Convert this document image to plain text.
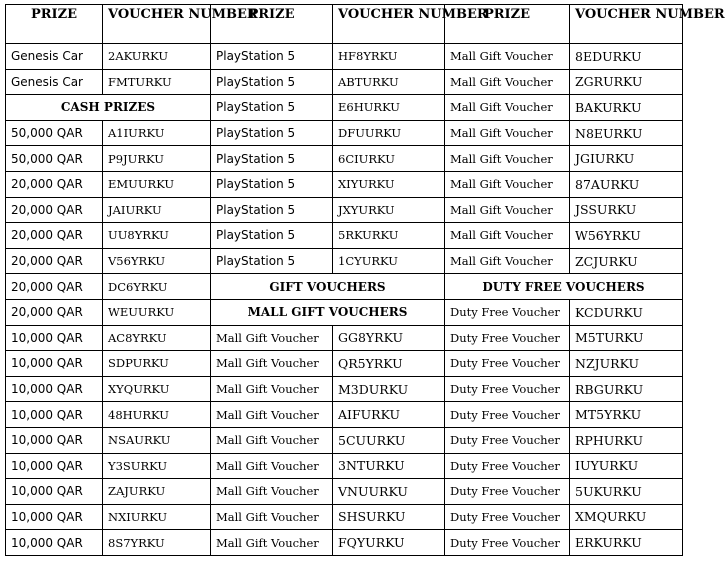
PRIZE	VOUCHER NUMBER	PRIZE	VOUCHER NUMBER	PRIZE	VOUCHER NUMBER
Genesis Car	2AKURKU	PlayStation 5	HF8YRKU	Mall Gift Voucher	8EDURKU
Genesis Car	FMTURKU	PlayStation 5	ABTURKU	Mall Gift Voucher	ZGRURKU
CASH PRIZES		PlayStation 5	E6HURKU	Mall Gift Voucher	BAKURKU
50,000 QAR	A1IURKU	PlayStation 5	DFUURKU	Mall Gift Voucher	N8EURKU
50,000 QAR	P9JURKU	PlayStation 5	6CIURKU	Mall Gift Voucher	JGIURKU
20,000 QAR	EMUURKU	PlayStation 5	XIYURKU	Mall Gift Voucher	87AURKU
20,000 QAR	JAIURKU	PlayStation 5	JXYURKU	Mall Gift Voucher	JSSURKU
20,000 QAR	UU8YRKU	PlayStation 5	5RKURKU	Mall Gift Voucher	W56YRKU
20,000 QAR	V56YRKU	PlayStation 5	1CYURKU	Mall Gift Voucher	ZCJURKU
20,000 QAR	DC6YRKU	GIFT VOUCHERS		DUTY FREE VOUCHERS	
20,000 QAR	WEUURKU	MALL GIFT VOUCHERS		Duty Free Voucher	KCDURKU
10,000 QAR	AC8YRKU	Mall Gift Voucher	GG8YRKU	Duty Free Voucher	M5TURKU
10,000 QAR	SDPURKU	Mall Gift Voucher	QR5YRKU	Duty Free Voucher	NZJURKU
10,000 QAR	XYQURKU	Mall Gift Voucher	M3DURKU	Duty Free Voucher	RBGURKU
10,000 QAR	48HURKU	Mall Gift Voucher	AIFURKU	Duty Free Voucher	MT5YRKU
10,000 QAR	NSAURKU	Mall Gift Voucher	5CUURKU	Duty Free Voucher	RPHURKU
10,000 QAR	Y3SURKU	Mall Gift Voucher	3NTURKU	Duty Free Voucher	IUYURKU
10,000 QAR	ZAJURKU	Mall Gift Voucher	VNUURKU	Duty Free Voucher	5UKURKU
10,000 QAR	NXIURKU	Mall Gift Voucher	SHSURKU	Duty Free Voucher	XMQURKU
10,000 QAR	8S7YRKU	Mall Gift Voucher	FQYURKU	Duty Free Voucher	ERKURKU
